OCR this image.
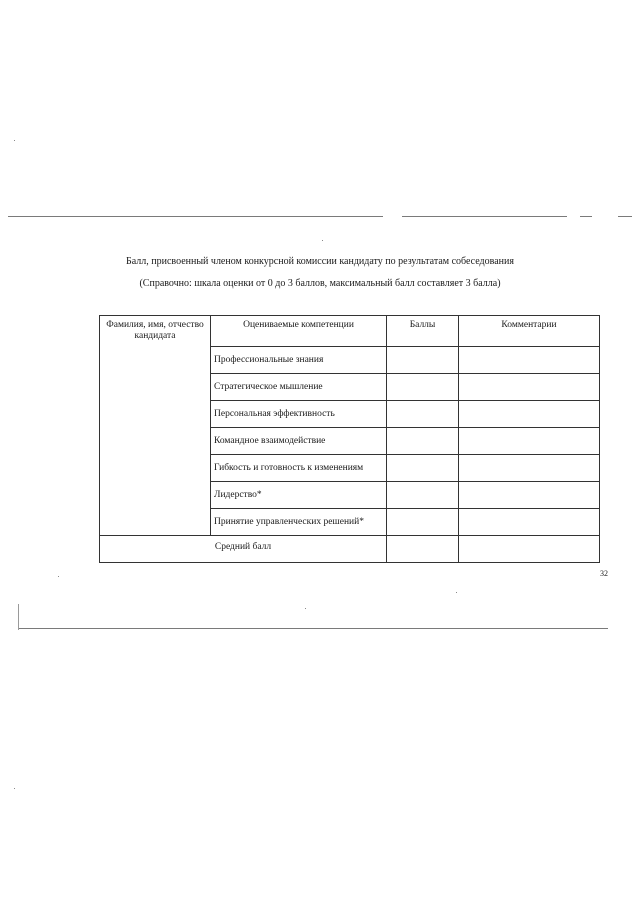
Балл, присвоенный членом конкурсной комиссии кандидату по результатам собеседования
(Справочно: шкала оценки от 0 до 3 баллов, максимальный балл составляет 3 балла)
Фамилия, имя, отчество кандидата	Оцениваемые компетенции	Баллы	Комментарии
	Профессиональные знания		
	Стратегическое мышление		
	Персональная эффективность		
	Командное взаимодействие		
	Гибкость и готовность к изменениям		
	Лидерство*		
	Принятие управленческих решений*		
Средний балл			
32
